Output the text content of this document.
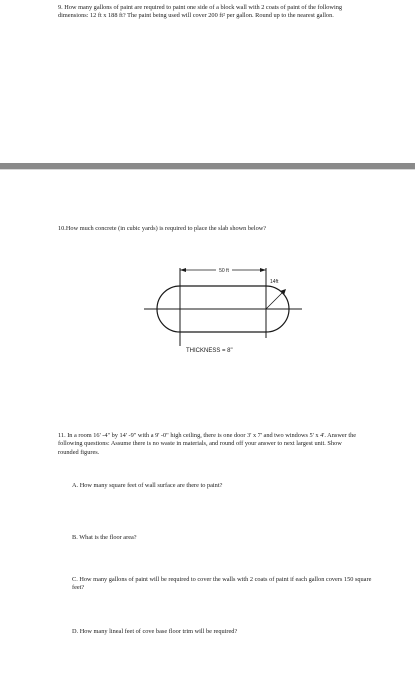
9. How many gallons of paint are required to paint one side of a block wall with 2 coats of paint of the following dimensions: 12 ft x 188 ft? The paint being used will cover 200 ft² per gallon. Round up to the nearest gallon.
10.How much concrete (in cubic yards) is required to place the slab shown below?
50 ft
14ft
THICKNESS = 8"
11. In a room 16' -4" by 14' -9" with a 9' -0" high ceiling, there is one door 3' x 7' and two windows 5' x 4'. Answer the following questions: Assume there is no waste in materials, and round off your answer to next largest unit. Show rounded figures.
A. How many square feet of wall surface are there to paint?
B. What is the floor area?
C. How many gallons of paint will be required to cover the walls with 2 coats of paint if each gallon covers 150 square feet?
D. How many lineal feet of cove base floor trim will be required?
